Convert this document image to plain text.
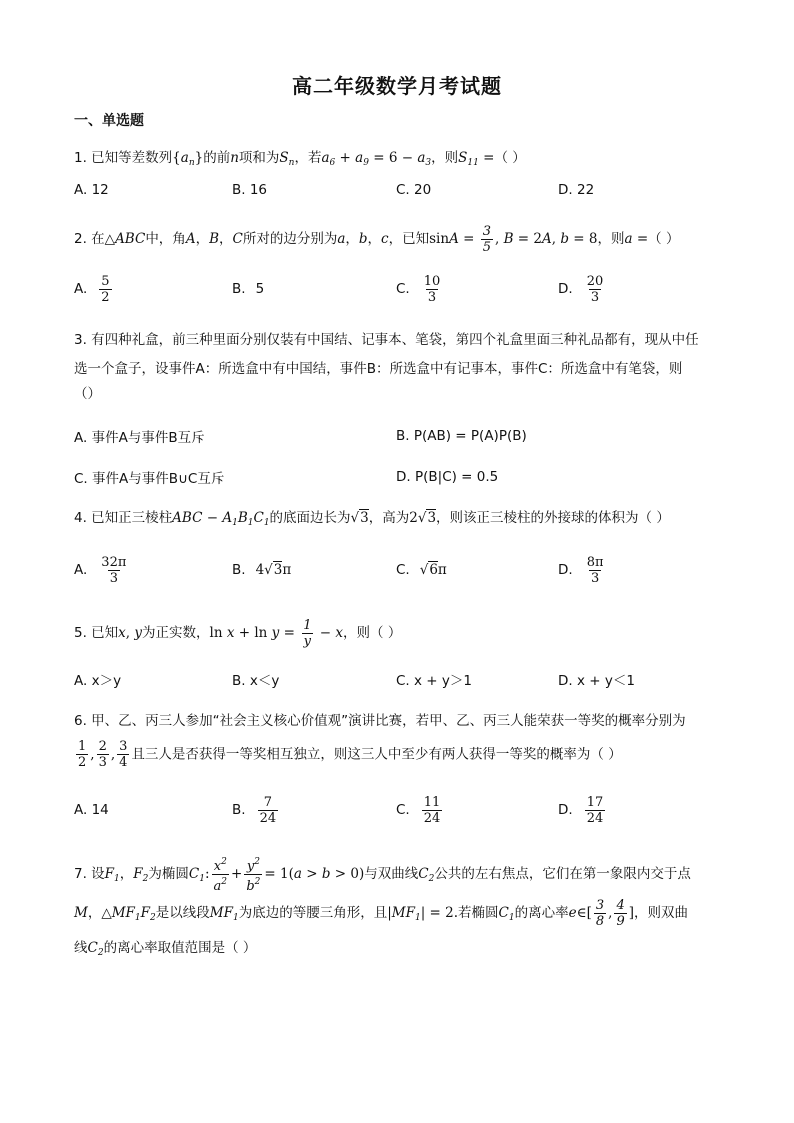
高二年级数学月考试题
一、单选题
1. 已知等差数列$\{a_n\}$的前n项和为$S_n$，若$a_6 + a_9 = 6 - a_3$，则$S_{11}$ =（ ）
A. 12	B. 16	C. 20	D. 22
2. 在△ABC中，角A，B，C所对的边分别为a，b，c，已知$\sin A = \frac{3}{5}$ , B = 2A, b = 8，则a =（ ）
A. $\frac{5}{2}$	B. 5	C. $\frac{10}{3}$	D. $\frac{20}{3}$
3. 有四种礼盒，前三种里面分别仅装有中国结、记事本、笔袋，第四个礼盒里面三种礼品都有，现从中任
选一个盒子，设事件A：所选盒中有中国结，事件B：所选盒中有记事本，事件C：所选盒中有笔袋，则
（）
A. 事件A与事件B互斥	B. P(AB) = P(A)P(B)
C. 事件A与事件B∪C互斥	D. P(B|C) = 0.5
4. 已知正三棱柱ABC − $A_1B_1C_1$的底面边长为√3，高为2√3，则该正三棱柱的外接球的体积为（ ）
A. $\frac{32\pi}{3}$	B. 4√3π	C. √6π	D. $\frac{8\pi}{3}$
5. 已知x, y为正实数，$\ln x + \ln y = \frac{1}{y} - x$，则（ ）
A. x＞y	B. x＜y	C. x + y＞1	D. x + y＜1
6. 甲、乙、丙三人参加“社会主义核心价值观”演讲比赛，若甲、乙、丙三人能荣获一等奖的概率分别为
$\frac{1}{2}$ , $\frac{2}{3}$ , $\frac{3}{4}$ 且三人是否获得一等奖相互独立，则这三人中至少有两人获得一等奖的概率为（ ）
A. 14	B. $\frac{7}{24}$	C. $\frac{11}{24}$	D. $\frac{17}{24}$
7. 设$F_1$，$F_2$为椭圆$C_1$: $\frac{x^2}{a^2} + \frac{y^2}{b^2} = 1(a > b > 0)$与双曲线$C_2$公共的左右焦点，它们在第一象限内交于点
M，$\triangle MF_1F_2$是以线段$MF_1$为底边的等腰三角形，且$|MF_1| = 2$.若椭圆$C_1$的离心率e∈[ $\frac{3}{8}$ , $\frac{4}{9}$ ]，则双曲
线$C_2$的离心率取值范围是（ ）
